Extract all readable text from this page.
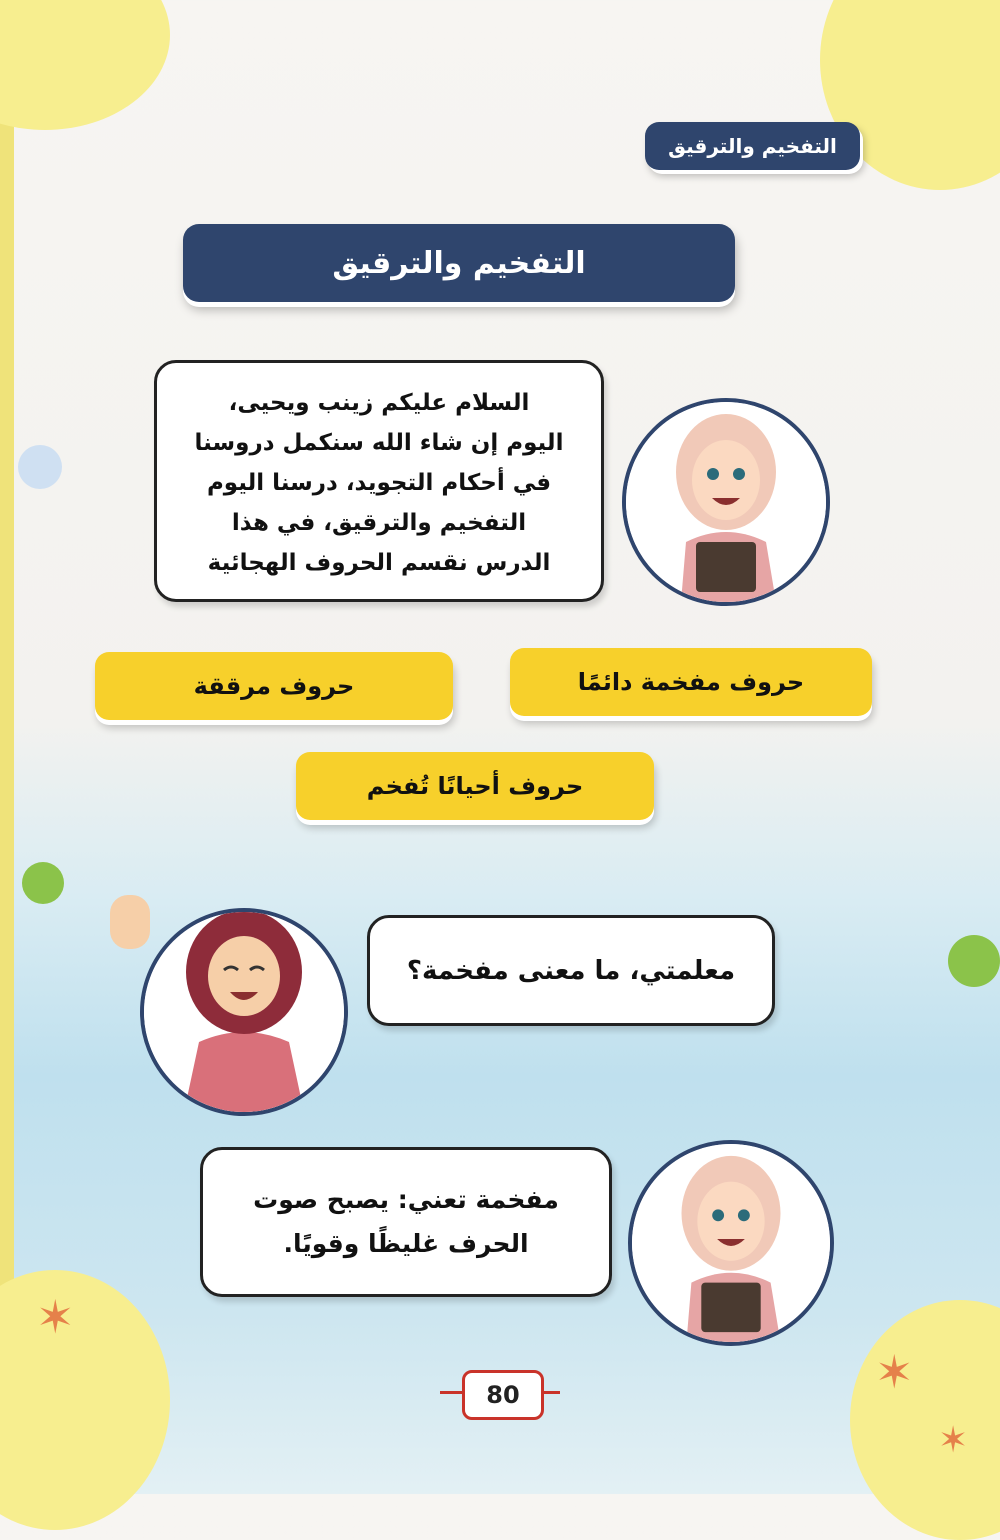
✶
✶
✶
التفخيم والترقيق
التفخيم والترقيق
السلام عليكم زينب ويحيى،
اليوم إن شاء الله سنكمل دروسنا
في أحكام التجويد، درسنا اليوم
التفخيم والترقيق، في هذا
الدرس نقسم الحروف الهجائية
حروف مفخمة دائمًا
حروف مرققة
حروف أحيانًا تُفخم
معلمتي، ما معنى مفخمة؟
مفخمة تعني: يصبح صوت
الحرف غليظًا وقويًا.
80
